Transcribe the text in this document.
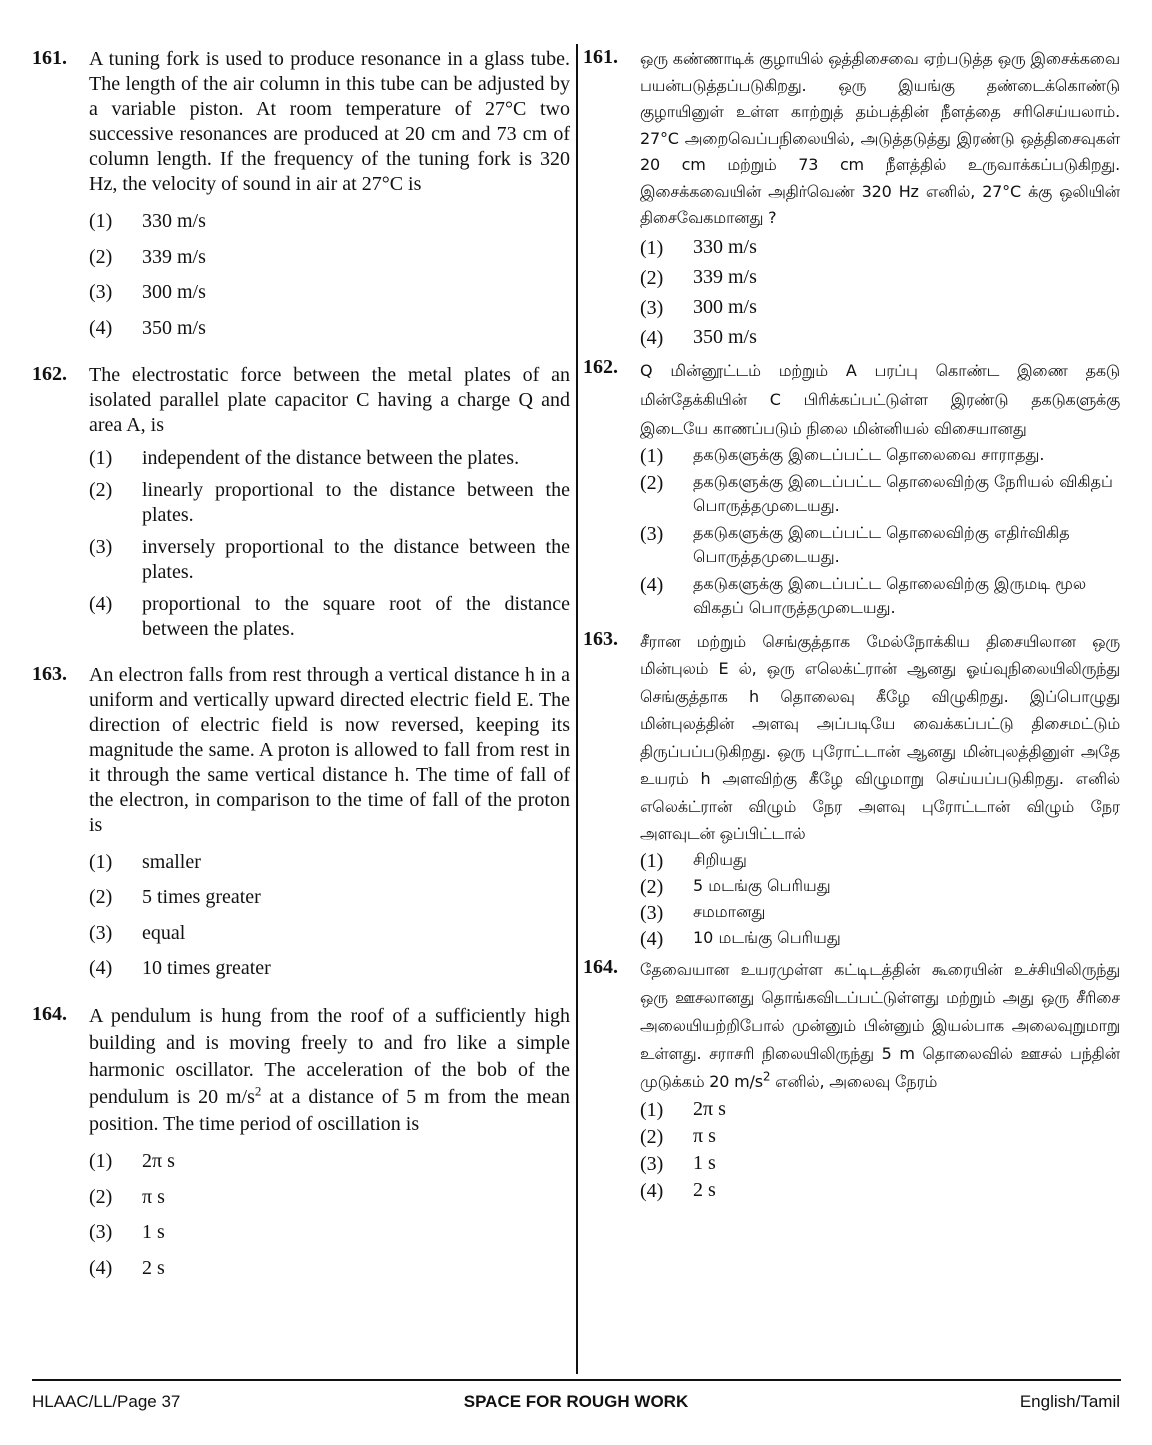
161. A tuning fork is used to produce resonance in a glass tube. The length of the air column in this tube can be adjusted by a variable piston. At room temperature of 27°C two successive resonances are produced at 20 cm and 73 cm of column length. If the frequency of the tuning fork is 320 Hz, the velocity of sound in air at 27°C is
(1) 330 m/s
(2) 339 m/s
(3) 300 m/s
(4) 350 m/s
162. The electrostatic force between the metal plates of an isolated parallel plate capacitor C having a charge Q and area A, is
(1) independent of the distance between the plates.
(2) linearly proportional to the distance between the plates.
(3) inversely proportional to the distance between the plates.
(4) proportional to the square root of the distance between the plates.
163. An electron falls from rest through a vertical distance h in a uniform and vertically upward directed electric field E. The direction of electric field is now reversed, keeping its magnitude the same. A proton is allowed to fall from rest in it through the same vertical distance h. The time of fall of the electron, in comparison to the time of fall of the proton is
(1) smaller
(2) 5 times greater
(3) equal
(4) 10 times greater
164. A pendulum is hung from the roof of a sufficiently high building and is moving freely to and fro like a simple harmonic oscillator. The acceleration of the bob of the pendulum is 20 $m/s^2$ at a distance of 5 m from the mean position. The time period of oscillation is
(1) 2π s
(2) π s
(3) 1 s
(4) 2 s
161. ஒரு கண்ணாடிக் குழாயில் ஒத்திசைவை ஏற்படுத்த ஒரு இசைக்கவை பயன்படுத்தப்படுகிறது. ஒரு இயங்கு தண்டைக்கொண்டு குழாயினுள் உள்ள காற்றுத் தம்பத்தின் நீளத்தை சரிசெய்யலாம். 27°C அறைவெப்பநிலையில், அடுத்தடுத்து இரண்டு ஒத்திசைவுகள் 20 cm மற்றும் 73 cm நீளத்தில் உருவாக்கப்படுகிறது. இசைக்கவையின் அதிர்வெண் 320 Hz எனில், 27°C க்கு ஒலியின் திசைவேகமானது ?
(1) 330 m/s
(2) 339 m/s
(3) 300 m/s
(4) 350 m/s
162. Q மின்னூட்டம் மற்றும் A பரப்பு கொண்ட இணை தகடு மின்தேக்கியின் C பிரிக்கப்பட்டுள்ள இரண்டு தகடுகளுக்கு இடையே காணப்படும் நிலை மின்னியல் விசையானது
(1) தகடுகளுக்கு இடைப்பட்ட தொலைவை சாராதது.
(2) தகடுகளுக்கு இடைப்பட்ட தொலைவிற்கு நேரியல் விகிதப் பொருத்தமுடையது.
(3) தகடுகளுக்கு இடைப்பட்ட தொலைவிற்கு எதிர்விகித பொருத்தமுடையது.
(4) தகடுகளுக்கு இடைப்பட்ட தொலைவிற்கு இருமடி மூல விகதப் பொருத்தமுடையது.
163. சீரான மற்றும் செங்குத்தாக மேல்நோக்கிய திசையிலான ஒரு மின்புலம் E ல், ஒரு எலெக்ட்ரான் ஆனது ஓய்வுநிலையிலிருந்து செங்குத்தாக h தொலைவு கீழே விழுகிறது. இப்பொழுது மின்புலத்தின் அளவு அப்படியே வைக்கப்பட்டு திசைமட்டும் திருப்பப்படுகிறது. ஒரு புரோட்டான் ஆனது மின்புலத்தினுள் அதே உயரம் h அளவிற்கு கீழே விழுமாறு செய்யப்படுகிறது. எனில் எலெக்ட்ரான் விழும் நேர அளவு புரோட்டான் விழும் நேர அளவுடன் ஒப்பிட்டால்
(1) சிறியது
(2) 5 மடங்கு பெரியது
(3) சமமானது
(4) 10 மடங்கு பெரியது
164. தேவையான உயரமுள்ள கட்டிடத்தின் கூரையின் உச்சியிலிருந்து ஒரு ஊசலானது தொங்கவிடப்பட்டுள்ளது மற்றும் அது ஒரு சீரிசை அலையியற்றிபோல் முன்னும் பின்னும் இயல்பாக அலைவுறுமாறு உள்ளது. சராசரி நிலையிலிருந்து 5 m தொலைவில் ஊசல் பந்தின் முடுக்கம் 20 $m/s^2$ எனில், அலைவு நேரம்
(1) 2π s
(2) π s
(3) 1 s
(4) 2 s
HLAAC/LL/Page 37	SPACE FOR ROUGH WORK	English/Tamil
